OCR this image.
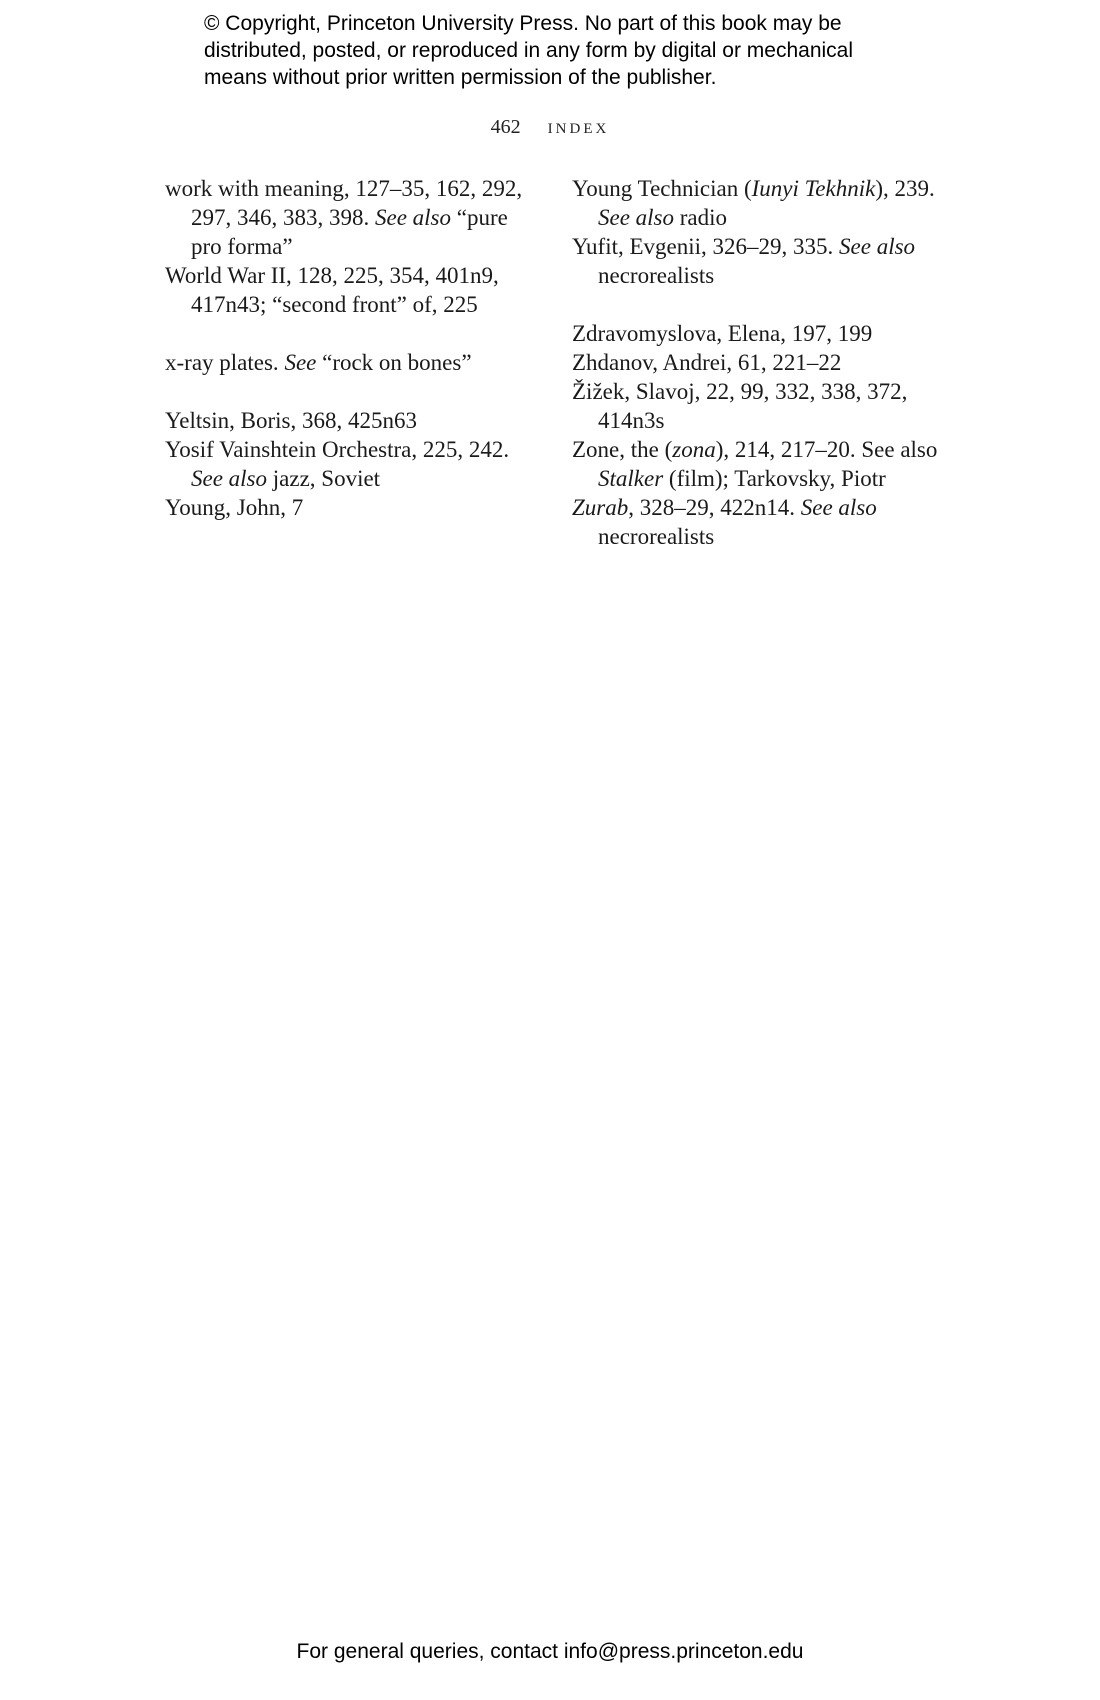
© Copyright, Princeton University Press. No part of this book may be distributed, posted, or reproduced in any form by digital or mechanical means without prior written permission of the publisher.
462 index

work with meaning, 127–35, 162, 292, 297, 346, 383, 398. See also “pure pro forma”

World War II, 128, 225, 354, 401n9, 417n43; “second front” of, 225

x-ray plates. See “rock on bones”

Yeltsin, Boris, 368, 425n63

Yosif Vainshtein Orchestra, 225, 242. See also jazz, Soviet

Young, John, 7

Young Technician (Iunyi Tekhnik), 239. See also radio

Yufit, Evgenii, 326–29, 335. See also necrorealists

Zdravomyslova, Elena, 197, 199

Zhdanov, Andrei, 61, 221–22

Žižek, Slavoj, 22, 99, 332, 338, 372, 414n3s

Zone, the (zona), 214, 217–20. See also Stalker (film); Tarkovsky, Piotr

Zurab, 328–29, 422n14. See also necrorealists

For general queries, contact info@press.princeton.edu
